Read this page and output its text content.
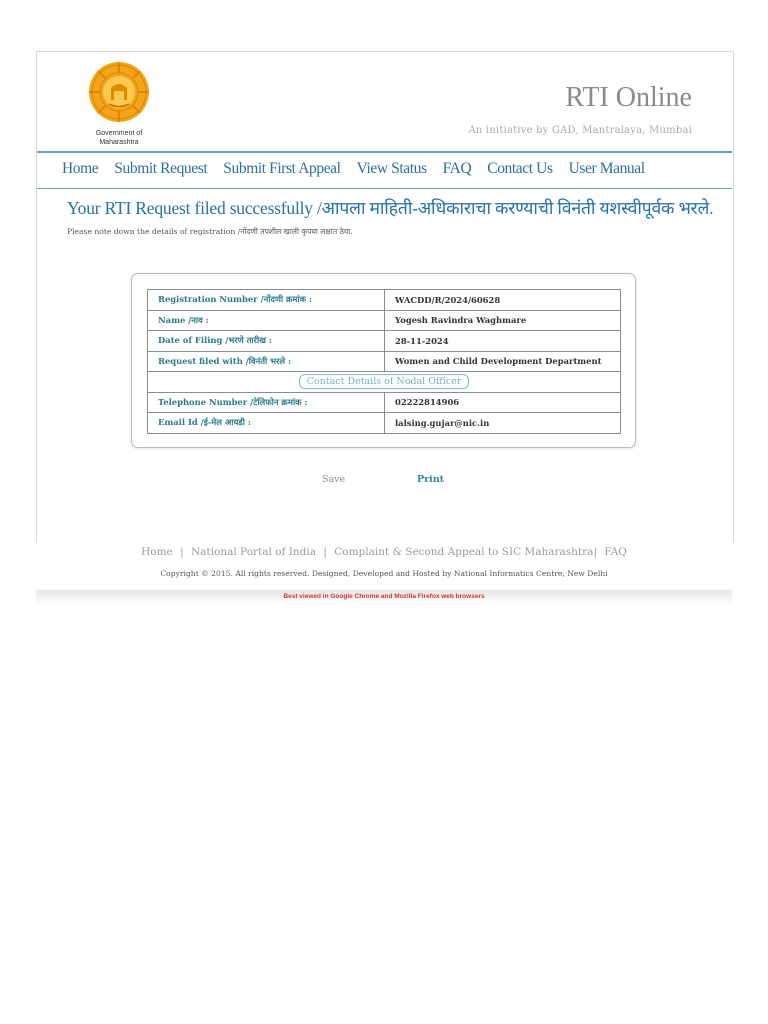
Government of
Maharashtra
RTI Online
An initiative by GAD, Mantralaya, Mumbai
Home Submit Request Submit First Appeal View Status FAQ Contact Us User Manual
Your RTI Request filed successfully /आपला माहिती-अधिकाराचा करण्याची विनंती यशस्वीपूर्वक भरले.
Please note down the details of registration /नोंदणी तपशील खाली कृपया लक्षात ठेवा.
Registration Number /नोंदणी क्रमांक :	WACDD/R/2024/60628
Name /नाव :	Yogesh Ravindra Waghmare
Date of Filing /भरणे तारीख :	28-11-2024
Request filed with /विनंती भरले :	Women and Child Development Department
Contact Details of Nodal Officer	
Telephone Number /टेलिफोन क्रमांक :	02222814906
Email Id /ई-मेल आयडी :	lalsing.gujar@nic.in
Save	Print
Home | National Portal of India | Complaint & Second Appeal to SIC Maharashtra| FAQ
Copyright © 2015. All rights reserved. Designed, Developed and Hosted by National Informatics Centre, New Delhi
Best viewed in Google Chrome and Mozilla Firefox web browsers
